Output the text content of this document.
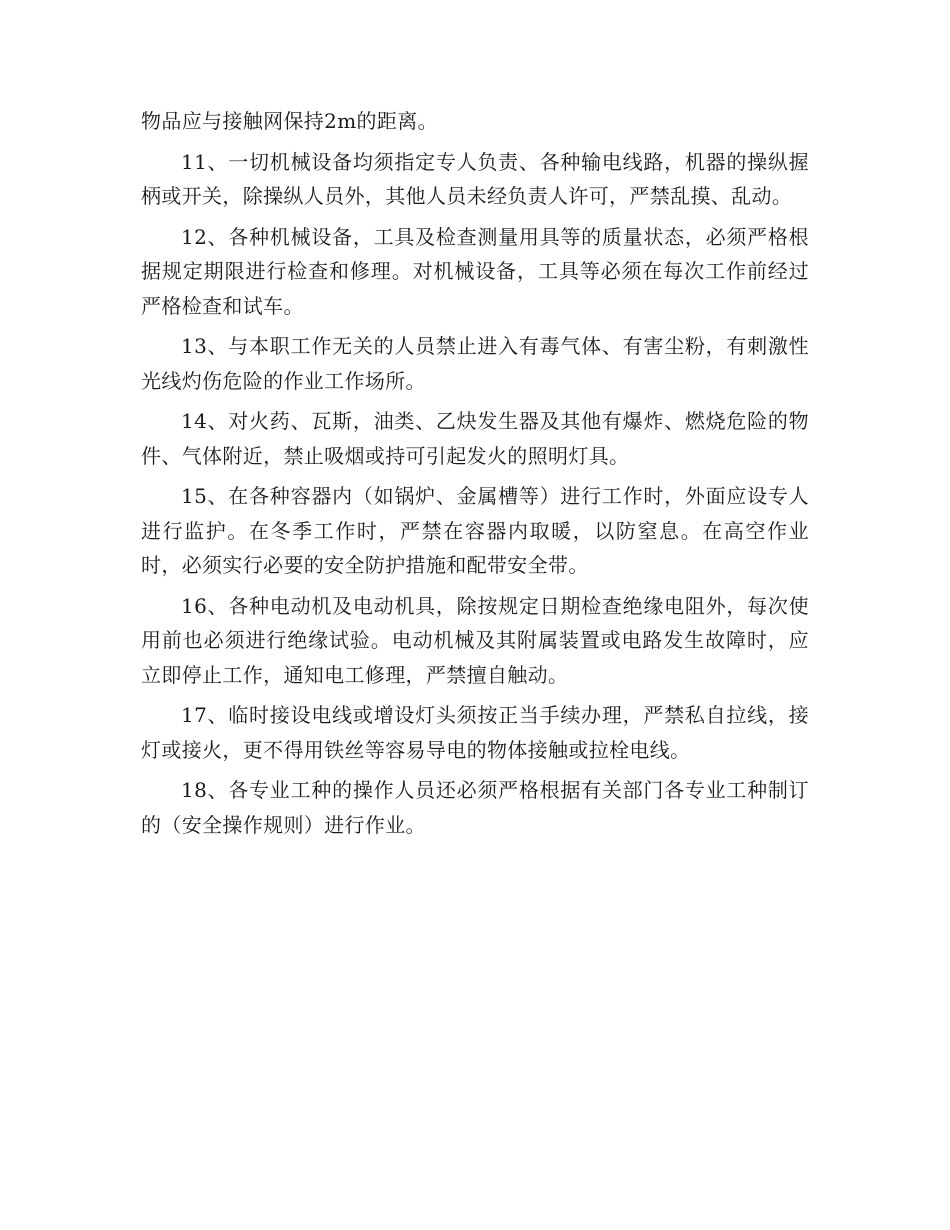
物品应与接触网保持2m的距离。

11、一切机械设备均须指定专人负责、各种输电线路，机器的操纵握柄或开关，除操纵人员外，其他人员未经负责人许可，严禁乱摸、乱动。

12、各种机械设备，工具及检查测量用具等的质量状态，必须严格根据规定期限进行检查和修理。对机械设备，工具等必须在每次工作前经过严格检查和试车。

13、与本职工作无关的人员禁止进入有毒气体、有害尘粉，有刺激性光线灼伤危险的作业工作场所。

14、对火药、瓦斯，油类、乙炔发生器及其他有爆炸、燃烧危险的物件、气体附近，禁止吸烟或持可引起发火的照明灯具。

15、在各种容器内（如锅炉、金属槽等）进行工作时，外面应设专人进行监护。在冬季工作时，严禁在容器内取暖，以防窒息。在高空作业时，必须实行必要的安全防护措施和配带安全带。

16、各种电动机及电动机具，除按规定日期检查绝缘电阻外，每次使用前也必须进行绝缘试验。电动机械及其附属装置或电路发生故障时，应立即停止工作，通知电工修理，严禁擅自触动。

17、临时接设电线或增设灯头须按正当手续办理，严禁私自拉线，接灯或接火，更不得用铁丝等容易导电的物体接触或拉栓电线。

18、各专业工种的操作人员还必须严格根据有关部门各专业工种制订的（安全操作规则）进行作业。
